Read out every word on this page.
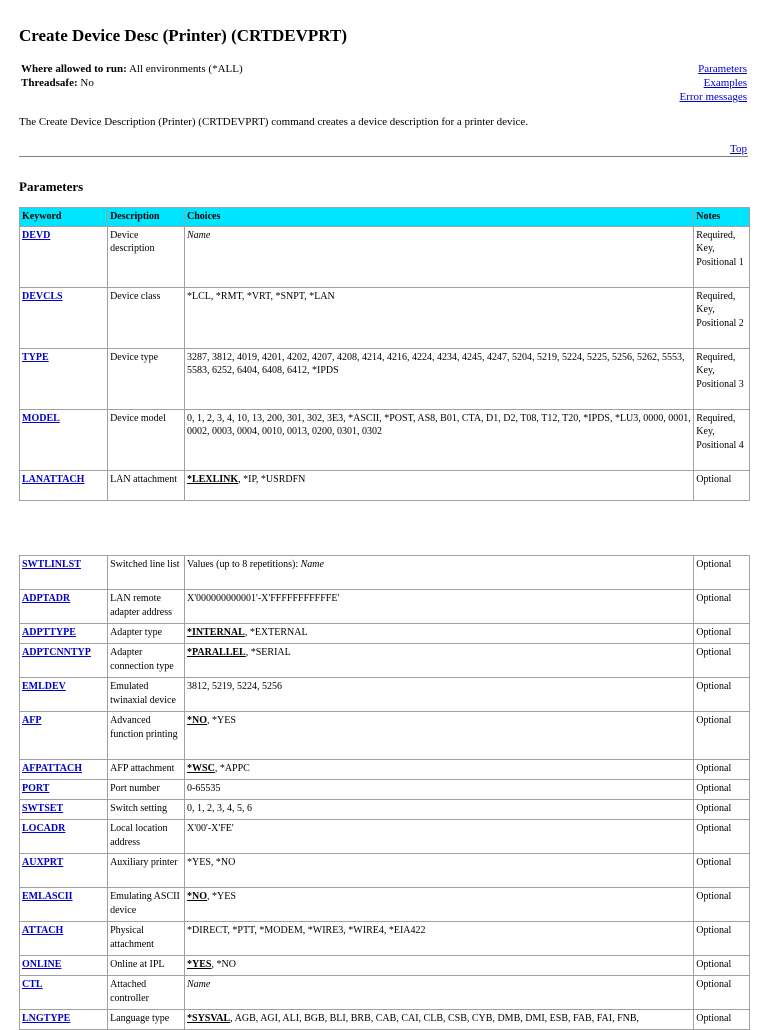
Create Device Desc (Printer) (CRTDEVPRT)
Where allowed to run: All environments (*ALL)
Threadsafe: No
Parameters
Examples
Error messages
The Create Device Description (Printer) (CRTDEVPRT) command creates a device description for a printer device.
Top
Parameters
Keyword	Description	Choices	Notes
DEVD	Device description	Name	Required, Key, Positional 1
DEVCLS	Device class	*LCL, *RMT, *VRT, *SNPT, *LAN	Required, Key, Positional 2
TYPE	Device type	3287, 3812, 4019, 4201, 4202, 4207, 4208, 4214, 4216, 4224, 4234, 4245, 4247, 5204, 5219, 5224, 5225, 5256, 5262, 5553, 5583, 6252, 6404, 6408, 6412, *IPDS	Required, Key, Positional 3
MODEL	Device model	0, 1, 2, 3, 4, 10, 13, 200, 301, 302, 3E3, *ASCII, *POST, AS8, B01, CTA, D1, D2, T08, T12, T20, *IPDS, *LU3, 0000, 0001, 0002, 0003, 0004, 0010, 0013, 0200, 0301, 0302	Required, Key, Positional 4
LANATTACH	LAN attachment	*LEXLINK, *IP, *USRDFN	Optional
SWTLINLST	Switched line list	Values (up to 8 repetitions): Name	Optional
ADPTADR	LAN remote adapter address	X'000000000001'-X'FFFFFFFFFFFE'	Optional
ADPTTYPE	Adapter type	*INTERNAL, *EXTERNAL	Optional
ADPTCNNTYP	Adapter connection type	*PARALLEL, *SERIAL	Optional
EMLDEV	Emulated twinaxial device	3812, 5219, 5224, 5256	Optional
AFP	Advanced function printing	*NO, *YES	Optional
AFPATTACH	AFP attachment	*WSC, *APPC	Optional
PORT	Port number	0-65535	Optional
SWTSET	Switch setting	0, 1, 2, 3, 4, 5, 6	Optional
LOCADR	Local location address	X'00'-X'FE'	Optional
AUXPRT	Auxiliary printer	*YES, *NO	Optional
EMLASCII	Emulating ASCII device	*NO, *YES	Optional
ATTACH	Physical attachment	*DIRECT, *PTT, *MODEM, *WIRE3, *WIRE4, *EIA422	Optional
ONLINE	Online at IPL	*YES, *NO	Optional
CTL	Attached controller	Name	Optional
LNGTYPE	Language type	*SYSVAL, AGB, AGI, ALI, BGB, BLI, BRB, CAB, CAI, CLB, CSB, CYB, DMB, DMI, ESB, FAB, FAI, FNB,	Optional
